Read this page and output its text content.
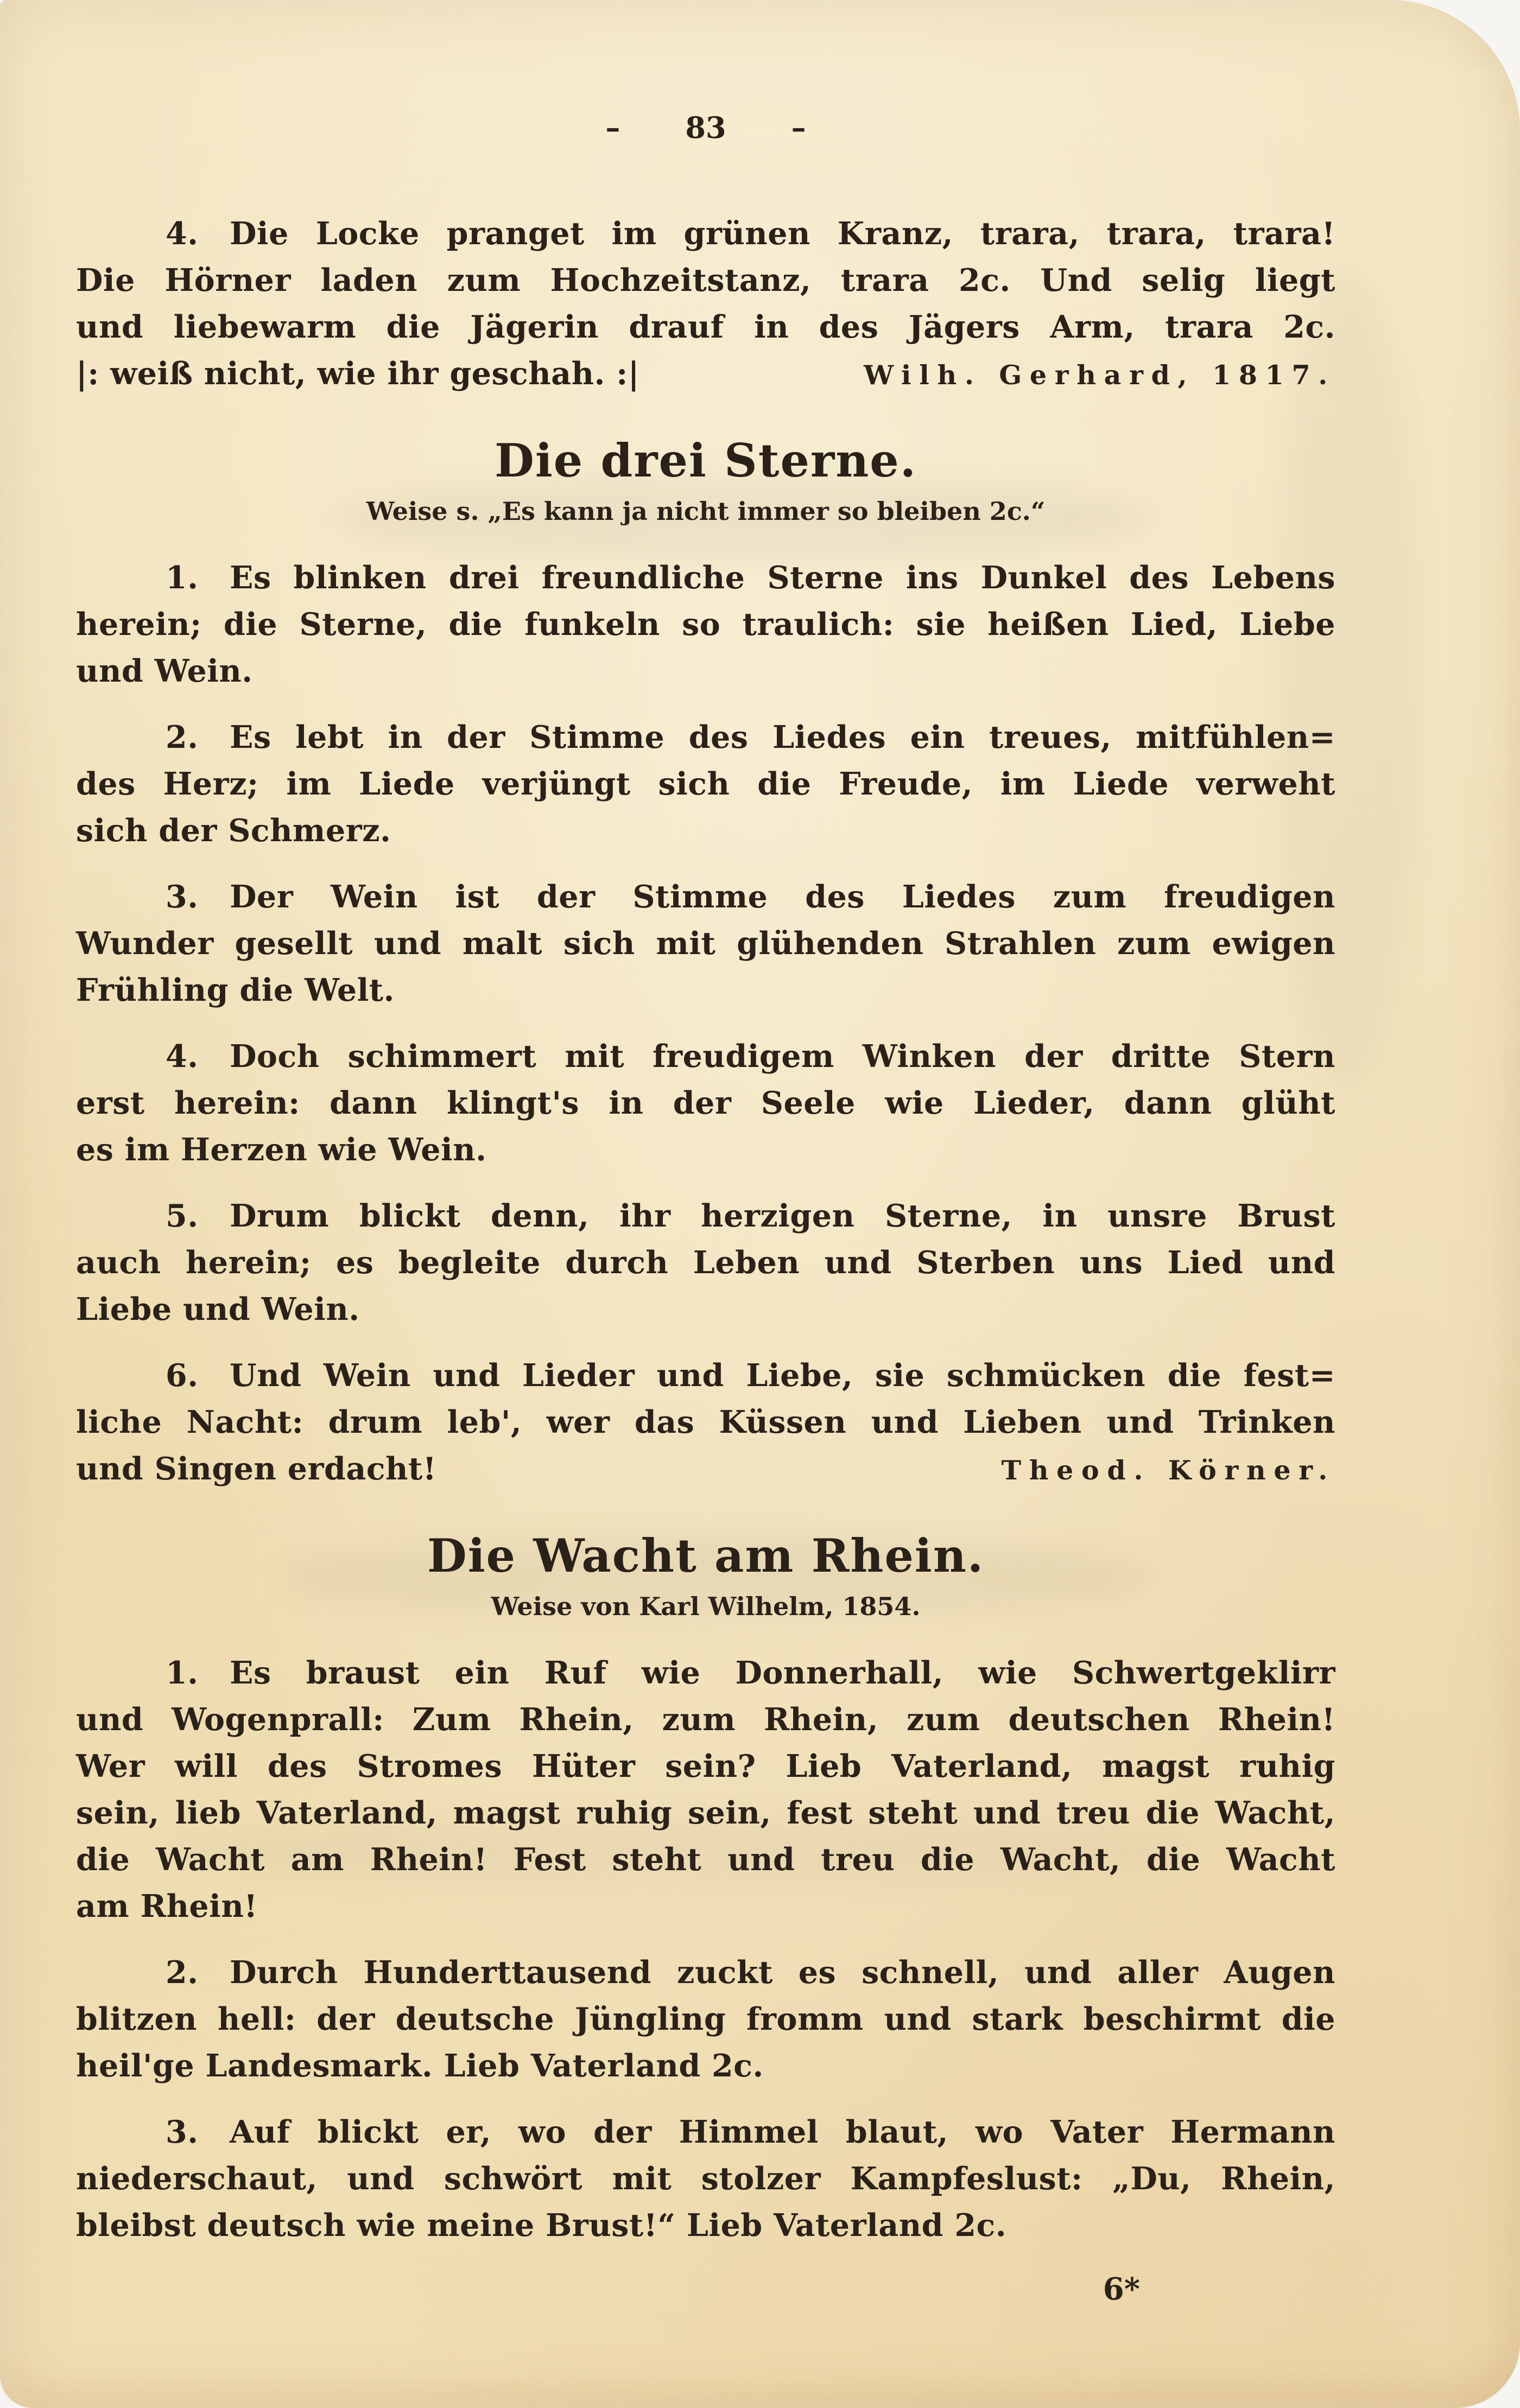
– 83 –
4. Die Locke pranget im grünen Kranz, trara, trara, trara!
Die Hörner laden zum Hochzeitstanz, trara 2c. Und selig liegt
und liebewarm die Jägerin drauf in des Jägers Arm, trara 2c.
|: weiß nicht, wie ihr geschah. :|	Wilh. Gerhard, 1817.
Die drei Sterne.
Weise s. „Es kann ja nicht immer so bleiben 2c.“
1. Es blinken drei freundliche Sterne ins Dunkel des Lebens
herein; die Sterne, die funkeln so traulich: sie heißen Lied, Liebe
und Wein.
2. Es lebt in der Stimme des Liedes ein treues, mitfühlen=
des Herz; im Liede verjüngt sich die Freude, im Liede verweht
sich der Schmerz.
3. Der Wein ist der Stimme des Liedes zum freudigen
Wunder gesellt und malt sich mit glühenden Strahlen zum ewigen
Frühling die Welt.
4. Doch schimmert mit freudigem Winken der dritte Stern
erst herein: dann klingt's in der Seele wie Lieder, dann glüht
es im Herzen wie Wein.
5. Drum blickt denn, ihr herzigen Sterne, in unsre Brust
auch herein; es begleite durch Leben und Sterben uns Lied und
Liebe und Wein.
6. Und Wein und Lieder und Liebe, sie schmücken die fest=
liche Nacht: drum leb', wer das Küssen und Lieben und Trinken
und Singen erdacht!	Theod. Körner.
Die Wacht am Rhein.
Weise von Karl Wilhelm, 1854.
1. Es braust ein Ruf wie Donnerhall, wie Schwertgeklirr
und Wogenprall: Zum Rhein, zum Rhein, zum deutschen Rhein!
Wer will des Stromes Hüter sein? Lieb Vaterland, magst ruhig
sein, lieb Vaterland, magst ruhig sein, fest steht und treu die Wacht,
die Wacht am Rhein! Fest steht und treu die Wacht, die Wacht
am Rhein!
2. Durch Hunderttausend zuckt es schnell, und aller Augen
blitzen hell: der deutsche Jüngling fromm und stark beschirmt die
heil'ge Landesmark. Lieb Vaterland 2c.
3. Auf blickt er, wo der Himmel blaut, wo Vater Hermann
niederschaut, und schwört mit stolzer Kampfeslust: „Du, Rhein,
bleibst deutsch wie meine Brust!“ Lieb Vaterland 2c.
6*
